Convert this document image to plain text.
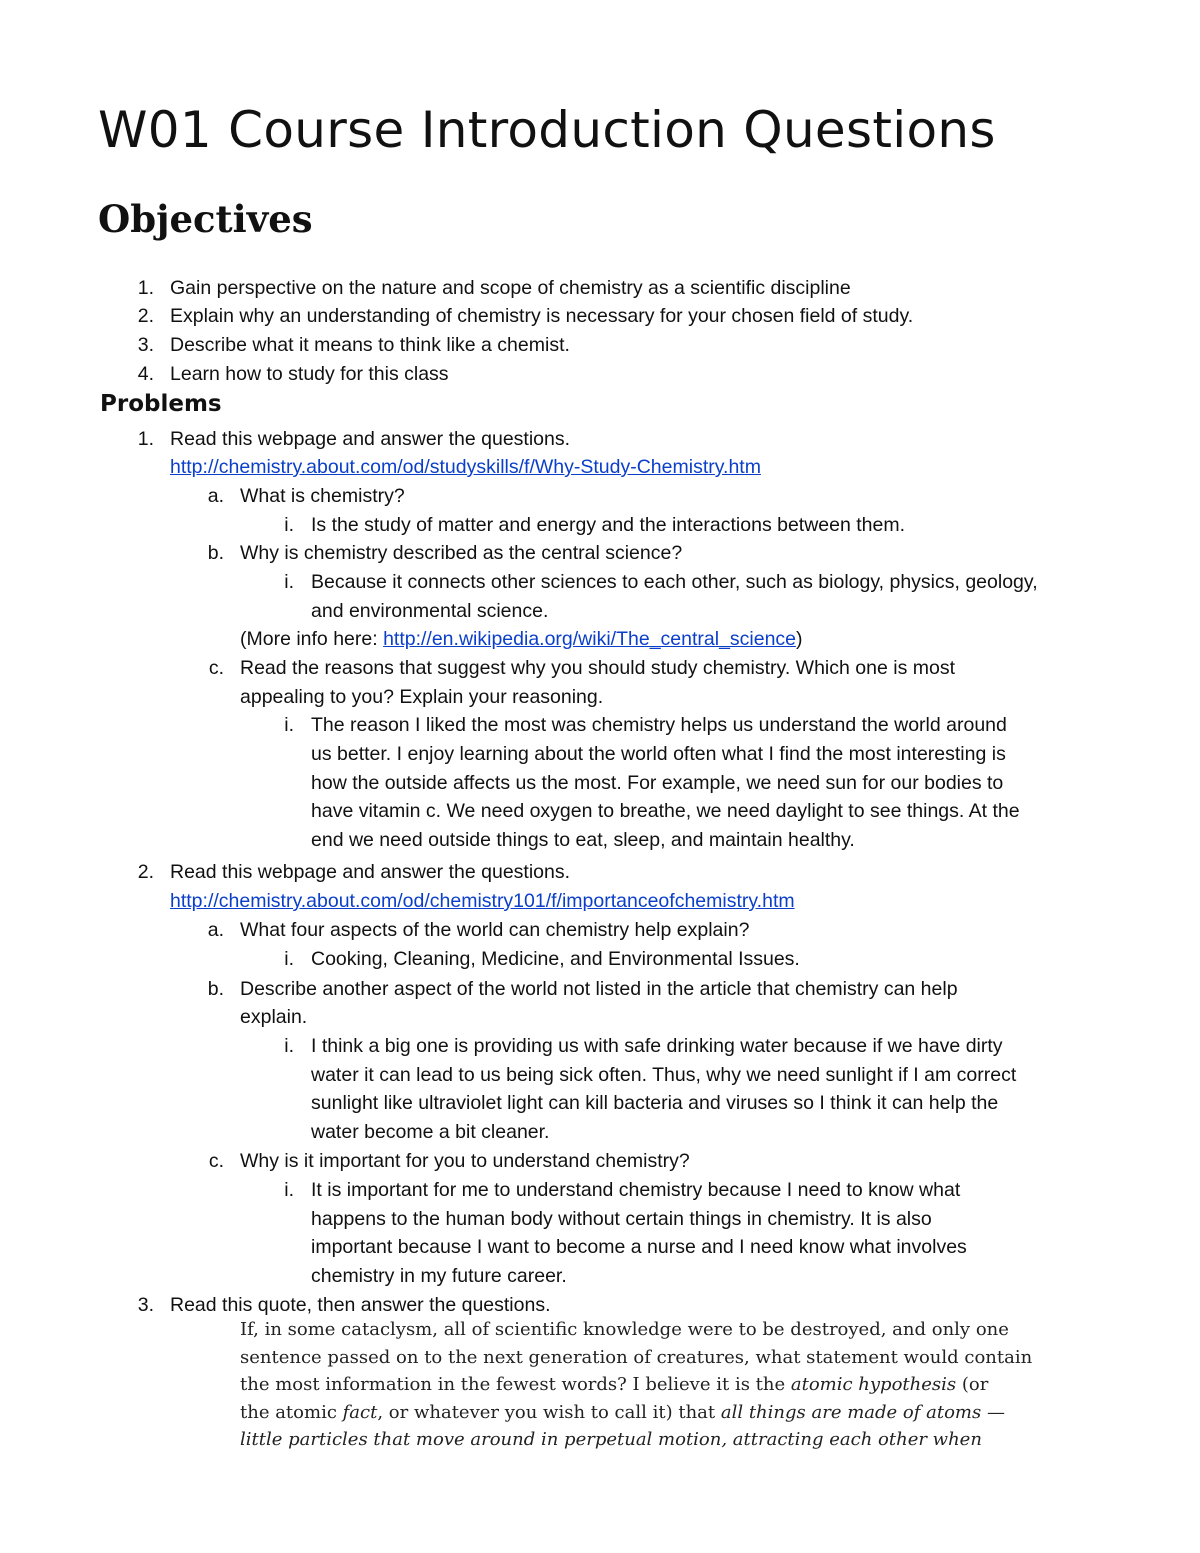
W01 Course Introduction Questions
Objectives
1. Gain perspective on the nature and scope of chemistry as a scientific discipline
2. Explain why an understanding of chemistry is necessary for your chosen field of study.
3. Describe what it means to think like a chemist.
4. Learn how to study for this class
Problems
1. Read this webpage and answer the questions.
http://chemistry.about.com/od/studyskills/f/Why-Study-Chemistry.htm
a. What is chemistry?
i. Is the study of matter and energy and the interactions between them.
b. Why is chemistry described as the central science?
i. Because it connects other sciences to each other, such as biology, physics, geology,
and environmental science.
(More info here: http://en.wikipedia.org/wiki/The_central_science)
c. Read the reasons that suggest why you should study chemistry. Which one is most
appealing to you? Explain your reasoning.
i. The reason I liked the most was chemistry helps us understand the world around
us better. I enjoy learning about the world often what I find the most interesting is
how the outside affects us the most. For example, we need sun for our bodies to
have vitamin c. We need oxygen to breathe, we need daylight to see things. At the
end we need outside things to eat, sleep, and maintain healthy.
2. Read this webpage and answer the questions.
http://chemistry.about.com/od/chemistry101/f/importanceofchemistry.htm
a. What four aspects of the world can chemistry help explain?
i. Cooking, Cleaning, Medicine, and Environmental Issues.
b. Describe another aspect of the world not listed in the article that chemistry can help
explain.
i. I think a big one is providing us with safe drinking water because if we have dirty
water it can lead to us being sick often. Thus, why we need sunlight if I am correct
sunlight like ultraviolet light can kill bacteria and viruses so I think it can help the
water become a bit cleaner.
c. Why is it important for you to understand chemistry?
i. It is important for me to understand chemistry because I need to know what
happens to the human body without certain things in chemistry. It is also
important because I want to become a nurse and I need know what involves
chemistry in my future career.
3. Read this quote, then answer the questions.

If, in some cataclysm, all of scientific knowledge were to be destroyed, and only one

sentence passed on to the next generation of creatures, what statement would contain

the most information in the fewest words? I believe it is the atomic hypothesis (or

the atomic fact, or whatever you wish to call it) that all things are made of atoms —

little particles that move around in perpetual motion, attracting each other when
